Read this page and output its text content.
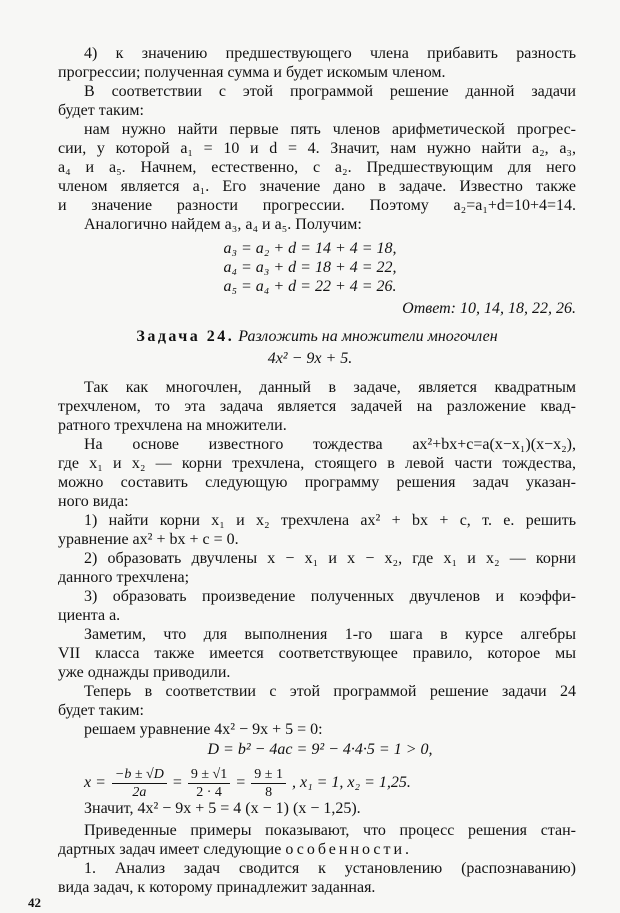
4) к значению предшествующего члена прибавить разность
прогрессии; полученная сумма и будет искомым членом.
В соответствии с этой программой решение данной задачи
будет таким:
нам нужно найти первые пять членов арифметической прогрес-
сии, у которой a₁ = 10 и d = 4. Значит, нам нужно найти a₂, a₃,
a₄ и a₅. Начнем, естественно, с a₂. Предшествующим для него
членом является a₁. Его значение дано в задаче. Известно также
и значение разности прогрессии. Поэтому a₂=a₁+d=10+4=14.
Аналогично найдем a₃, a₄ и a₅. Получим:
a₃ = a₂ + d = 14 + 4 = 18,
a₄ = a₃ + d = 18 + 4 = 22,
a₅ = a₄ + d = 22 + 4 = 26.
Ответ: 10, 14, 18, 22, 26.
Задача 24. Разложить на множители многочлен
4x² − 9x + 5.
Так как многочлен, данный в задаче, является квадратным
трехчленом, то эта задача является задачей на разложение квад-
ратного трехчлена на множители.
На основе известного тождества ax²+bx+c=a(x−x₁)(x−x₂),
где x₁ и x₂ — корни трехчлена, стоящего в левой части тождества,
можно составить следующую программу решения задач указан-
ного вида:
1) найти корни x₁ и x₂ трехчлена ax² + bx + c, т. е. решить
уравнение ax² + bx + c = 0.
2) образовать двучлены x − x₁ и x − x₂, где x₁ и x₂ — корни
данного трехчлена;
3) образовать произведение полученных двучленов и коэффи-
циента a.
Заметим, что для выполнения 1-го шага в курсе алгебры
VII класса также имеется соответствующее правило, которое мы
уже однажды приводили.
Теперь в соответствии с этой программой решение задачи 24
будет таким:
решаем уравнение 4x² − 9x + 5 = 0:
D = b² − 4ac = 9² − 4·4·5 = 1 > 0,
$x = \frac{-b \pm √D}{2a} = \frac{9 \pm √1}{2 \cdot 4} = \frac{9 \pm 1}{8}$ , x₁ = 1, x₂ = 1,25.
Значит, 4x² − 9x + 5 = 4 (x − 1) (x − 1,25).
Приведенные примеры показывают, что процесс решения стан-
дартных задач имеет следующие особенности.
1. Анализ задач сводится к установлению (распознаванию)
вида задач, к которому принадлежит заданная.
42
